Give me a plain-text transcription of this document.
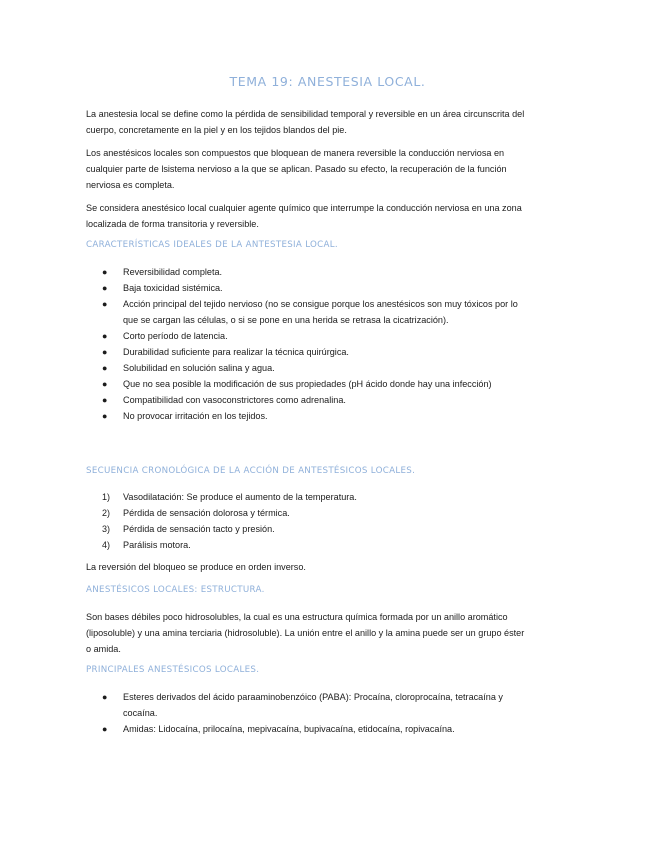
TEMA 19: ANESTESIA LOCAL.

La anestesia local se define como la pérdida de sensibilidad temporal y reversible en un área circunscrita del cuerpo, concretamente en la piel y en los tejidos blandos del pie.

Los anestésicos locales son compuestos que bloquean de manera reversible la conducción nerviosa en cualquier parte de lsistema nervioso a la que se aplican. Pasado su efecto, la recuperación de la función nerviosa es completa.

Se considera anestésico local cualquier agente químico que interrumpe la conducción nerviosa en una zona localizada de forma transitoria y reversible.

CARACTERÍSTICAS IDEALES DE LA ANTESTESIA LOCAL.
● Reversibilidad completa.
● Baja toxicidad sistémica.
● Acción principal del tejido nervioso (no se consigue porque los anestésicos son muy tóxicos por lo que se cargan las células, o si se pone en una herida se retrasa la cicatrización).
● Corto período de latencia.
● Durabilidad suficiente para realizar la técnica quirúrgica.
● Solubilidad en solución salina y agua.
● Que no sea posible la modificación de sus propiedades (pH ácido donde hay una infección)
● Compatibilidad con vasoconstrictores como adrenalina.
● No provocar irritación en los tejidos.
SECUENCIA CRONOLÓGICA DE LA ACCIÓN DE ANTESTÉSICOS LOCALES.
1) Vasodilatación: Se produce el aumento de la temperatura.
2) Pérdida de sensación dolorosa y térmica.
3) Pérdida de sensación tacto y presión.
4) Parálisis motora.

La reversión del bloqueo se produce en orden inverso.

ANESTÉSICOS LOCALES: ESTRUCTURA.

Son bases débiles poco hidrosolubles, la cual es una estructura química formada por un anillo aromático (liposoluble) y una amina terciaria (hidrosoluble). La unión entre el anillo y la amina puede ser un grupo éster o amida.

PRINCIPALES ANESTÉSICOS LOCALES.
● Esteres derivados del ácido paraaminobenzóico (PABA): Procaína, cloroprocaína, tetracaína y cocaína.
● Amidas: Lidocaína, prilocaína, mepivacaína, bupivacaína, etidocaína, ropivacaína.
